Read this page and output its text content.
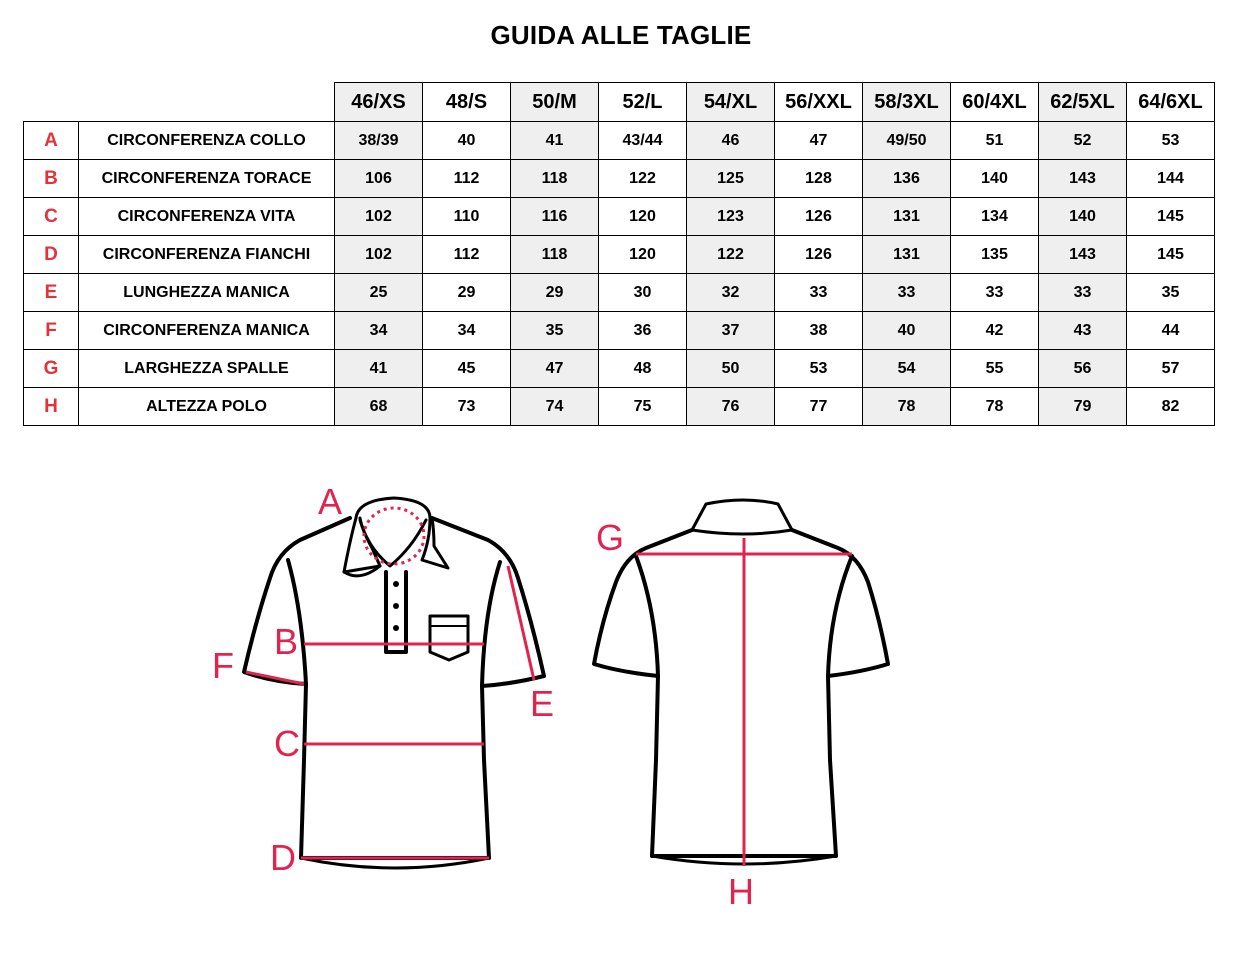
GUIDA ALLE TAGLIE
		46/XS	48/S	50/M	52/L	54/XL	56/XXL	58/3XL	60/4XL	62/5XL	64/6XL
A	CIRCONFERENZA COLLO	38/39	40	41	43/44	46	47	49/50	51	52	53
B	CIRCONFERENZA TORACE	106	112	118	122	125	128	136	140	143	144
C	CIRCONFERENZA VITA	102	110	116	120	123	126	131	134	140	145
D	CIRCONFERENZA FIANCHI	102	112	118	120	122	126	131	135	143	145
E	LUNGHEZZA MANICA	25	29	29	30	32	33	33	33	33	35
F	CIRCONFERENZA MANICA	34	34	35	36	37	38	40	42	43	44
G	LARGHEZZA SPALLE	41	45	47	48	50	53	54	55	56	57
H	ALTEZZA POLO	68	73	74	75	76	77	78	78	79	82
A
B
C
D
E
F
G
H
